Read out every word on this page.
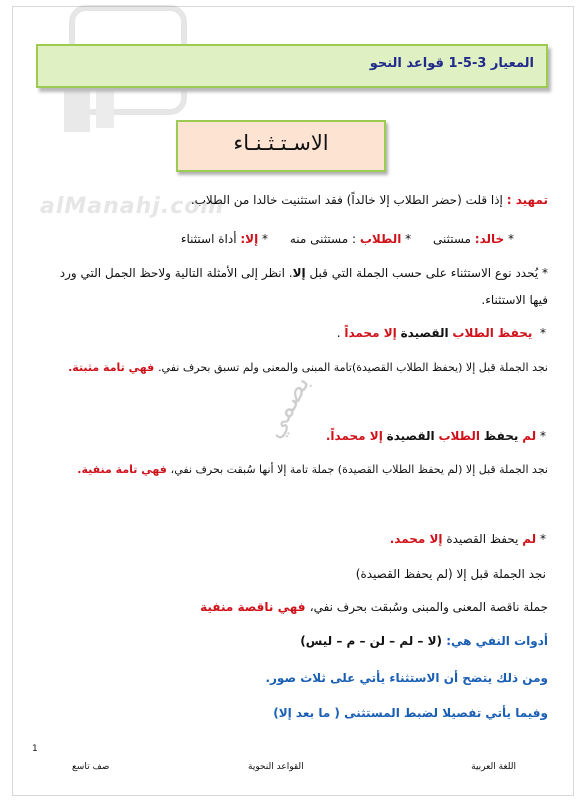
alManahj.com
بصمي
المعيار 3-5-1 قواعد النحو
الاسـتـثـنـاء
تمهيد : إذا قلت (حضر الطلاب إلا خالداً) فقد استثنيت خالدا من الطلاب.
* خالد: مستثنى * الطلاب : مستثنى منه * إلا: أداة استثناء
* يُحدد نوع الاستثناء على حسب الجملة التي قبل إلا. انظر إلى الأمثلة التالية ولاحظ الجمل التي ورد
فيها الاستثناء.
*  يحفظ الطلاب القصيدة إلا محمداً .
نجد الجملة قبل إلا (يحفظ الطلاب القصيدة)تامة المبنى والمعنى ولم تسبق بحرف نفي. فهي تامة مثبتة.
* لم يحفظ الطلاب القصيدة إلا محمداً.
نجد الجملة قبل إلا (لم يحفظ الطلاب القصيدة) جملة تامة إلا أنها سُبقت بحرف نفي، فهي تامة منفية.
* لم يحفظ القصيدة إلا محمد.
نجد الجملة قبل إلا (لم يحفظ القصيدة)
جملة ناقصة المعنى والمبنى وسُبقت بحرف نفي، فهي ناقصة منفية
أدوات النفي هي: (لا – لم – لن – م – ليس)
ومن ذلك يتضح أن الاستثناء يأتي على ثلاث صور.
وفيما يأتي تفصيلا لضبط المستثنى ( ما بعد إلا)
1
اللغة العربية
القواعد النحوية
صف تاسع
